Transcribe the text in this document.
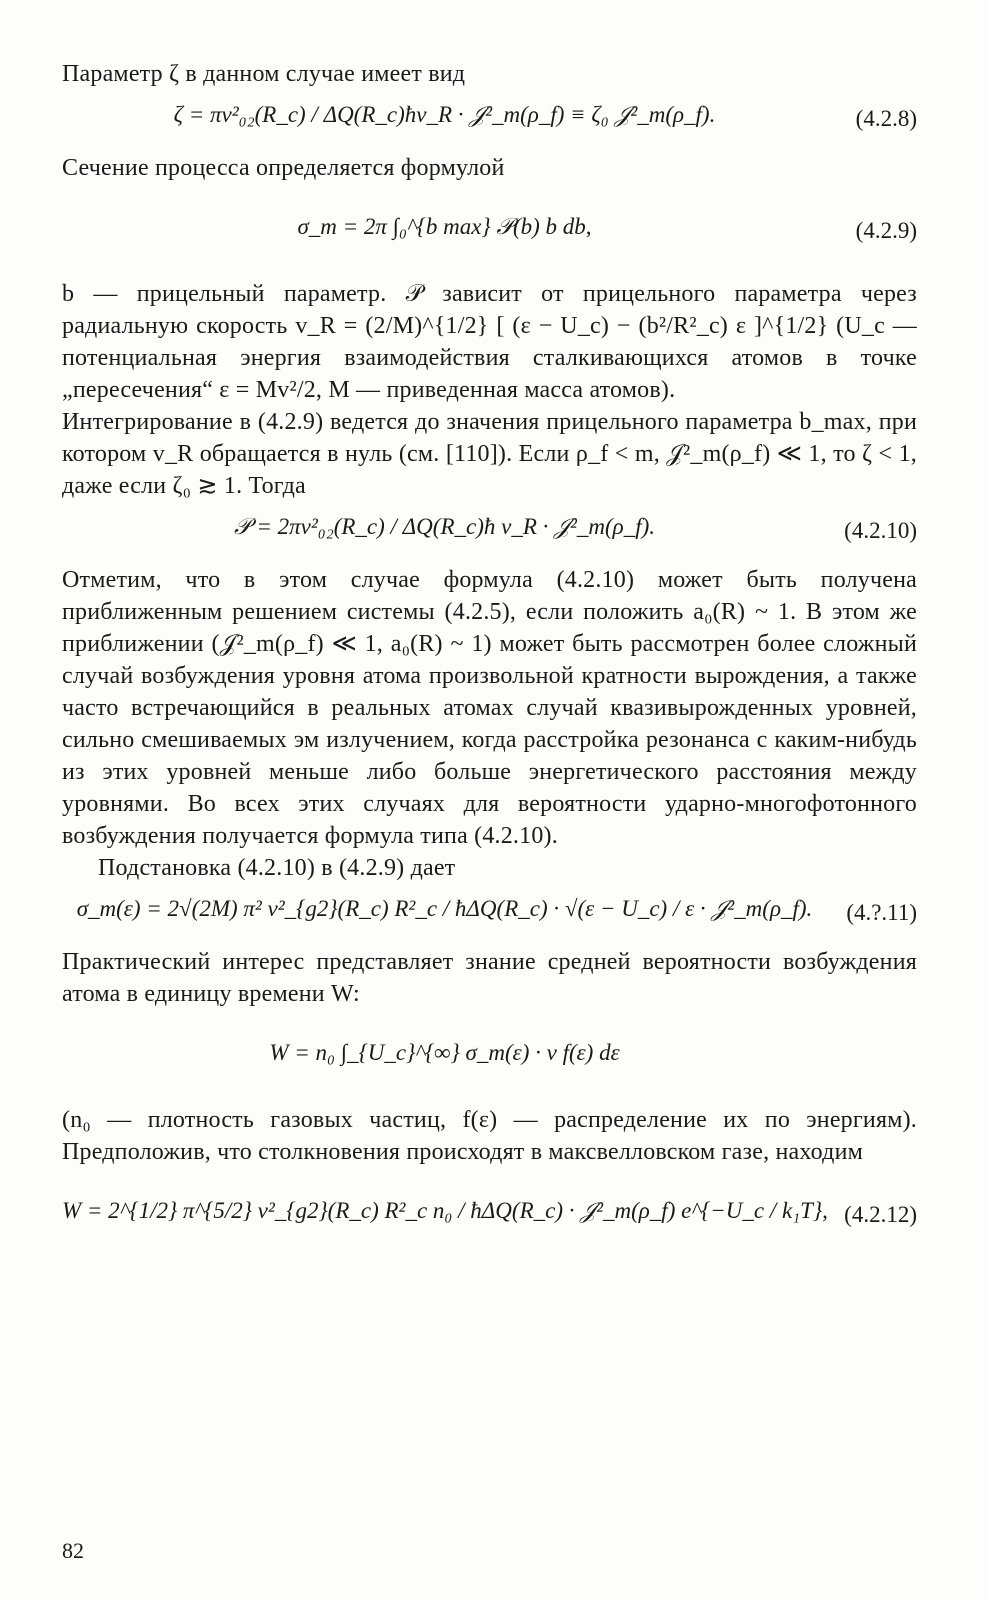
Параметр ζ в данном случае имеет вид

ζ = πv²₀₂(R_c) / ΔQ(R_c)ħv_R · 𝒥²_m(ρ_f) ≡ ζ₀ 𝒥²_m(ρ_f).	(4.2.8)

Сечение процесса определяется формулой

σ_m = 2π ∫₀^{b max} 𝒫(b) b db,	(4.2.9)

b — прицельный параметр. 𝒫 зависит от прицельного параметра через радиальную скорость v_R = (2/M)^{1/2} [ (ε − U_c) − (b²/R²_c) ε ]^{1/2} (U_c — потенциальная энергия взаимодействия сталкивающихся атомов в точке „пересечения“ ε = Mv²/2, M — приведенная масса атомов).

Интегрирование в (4.2.9) ведется до значения прицельного параметра b_max, при котором v_R обращается в нуль (см. [110]). Если ρ_f < m, 𝒥²_m(ρ_f) ≪ 1, то ζ < 1, даже если ζ₀ ≳ 1. Тогда

𝒫 = 2πv²₀₂(R_c) / ΔQ(R_c)ħ v_R · 𝒥²_m(ρ_f).	(4.2.10)

Отметим, что в этом случае формула (4.2.10) может быть получена приближенным решением системы (4.2.5), если положить a₀(R) ~ 1. В этом же приближении (𝒥²_m(ρ_f) ≪ 1, a₀(R) ~ 1) может быть рассмотрен более сложный случай возбуждения уровня атома произвольной кратности вырождения, а также часто встречающийся в реальных атомах случай квазивырожденных уровней, сильно смешиваемых эм излучением, когда расстройка резонанса с каким-нибудь из этих уровней меньше либо больше энергетического расстояния между уровнями. Во всех этих случаях для вероятности ударно-многофотонного возбуждения получается формула типа (4.2.10).

Подстановка (4.2.10) в (4.2.9) дает

σ_m(ε) = 2√(2M) π² v²_{g2}(R_c) R²_c / ħΔQ(R_c) · √(ε − U_c) / ε · 𝒥²_m(ρ_f).	(4.?.11)

Практический интерес представляет знание средней вероятности возбуждения атома в единицу времени W:

W = n₀ ∫_{U_c}^{∞} σ_m(ε) · v f(ε) dε

(n₀ — плотность газовых частиц, f(ε) — распределение их по энергиям). Предположив, что столкновения происходят в максвелловском газе, находим

W = 2^{1/2} π^{5/2} v²_{g2}(R_c) R²_c n₀ / ħΔQ(R_c) · 𝒥²_m(ρ_f) e^{−U_c / k₁T}, (4.2.12)
82
